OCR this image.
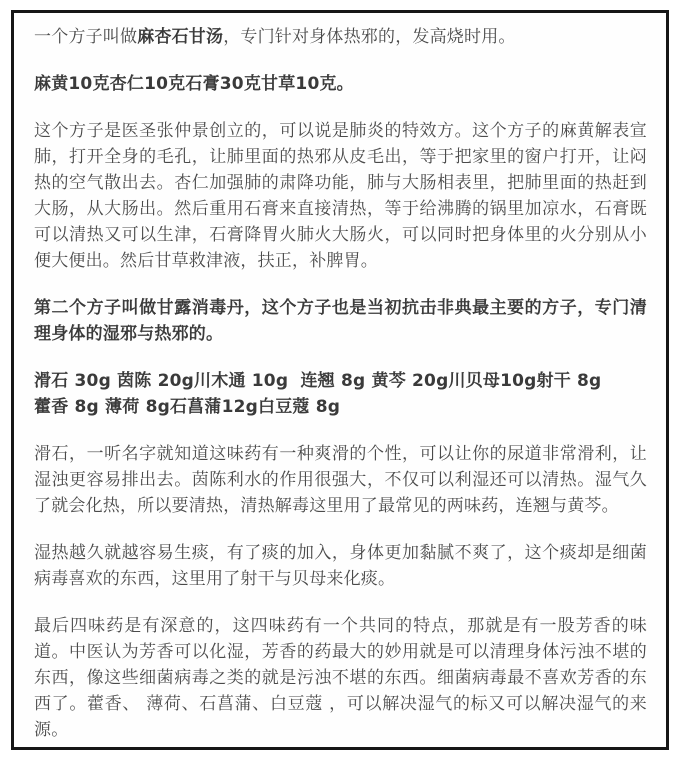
一个方子叫做麻杏石甘汤，专门针对身体热邪的，发高烧时用。

麻黄10克杏仁10克石膏30克甘草10克。

这个方子是医圣张仲景创立的，可以说是肺炎的特效方。这个方子的麻黄解表宣肺，打开全身的毛孔，让肺里面的热邪从皮毛出，等于把家里的窗户打开，让闷热的空气散出去。杏仁加强肺的肃降功能，肺与大肠相表里，把肺里面的热赶到大肠，从大肠出。然后重用石膏来直接清热，等于给沸腾的锅里加凉水，石膏既可以清热又可以生津，石膏降胃火肺火大肠火，可以同时把身体里的火分别从小便大便出。然后甘草救津液，扶正，补脾胃。

第二个方子叫做甘露消毒丹，这个方子也是当初抗击非典最主要的方子，专门清理身体的湿邪与热邪的。

滑石 30g 茵陈 20g川木通 10g  连翘 8g 黄芩 20g川贝母10g射干 8g
藿香 8g 薄荷 8g石菖蒲12g白豆蔻 8g

滑石，一听名字就知道这味药有一种爽滑的个性，可以让你的尿道非常滑利，让湿浊更容易排出去。茵陈利水的作用很强大，不仅可以利湿还可以清热。湿气久了就会化热，所以要清热，清热解毒这里用了最常见的两味药，连翘与黄芩。

湿热越久就越容易生痰，有了痰的加入，身体更加黏腻不爽了，这个痰却是细菌病毒喜欢的东西，这里用了射干与贝母来化痰。

最后四味药是有深意的，这四味药有一个共同的特点，那就是有一股芳香的味道。中医认为芳香可以化湿，芳香的药最大的妙用就是可以清理身体污浊不堪的东西，像这些细菌病毒之类的就是污浊不堪的东西。细菌病毒最不喜欢芳香的东西了。藿香、 薄荷、石菖蒲、白豆蔻 ，可以解决湿气的标又可以解决湿气的来源。
